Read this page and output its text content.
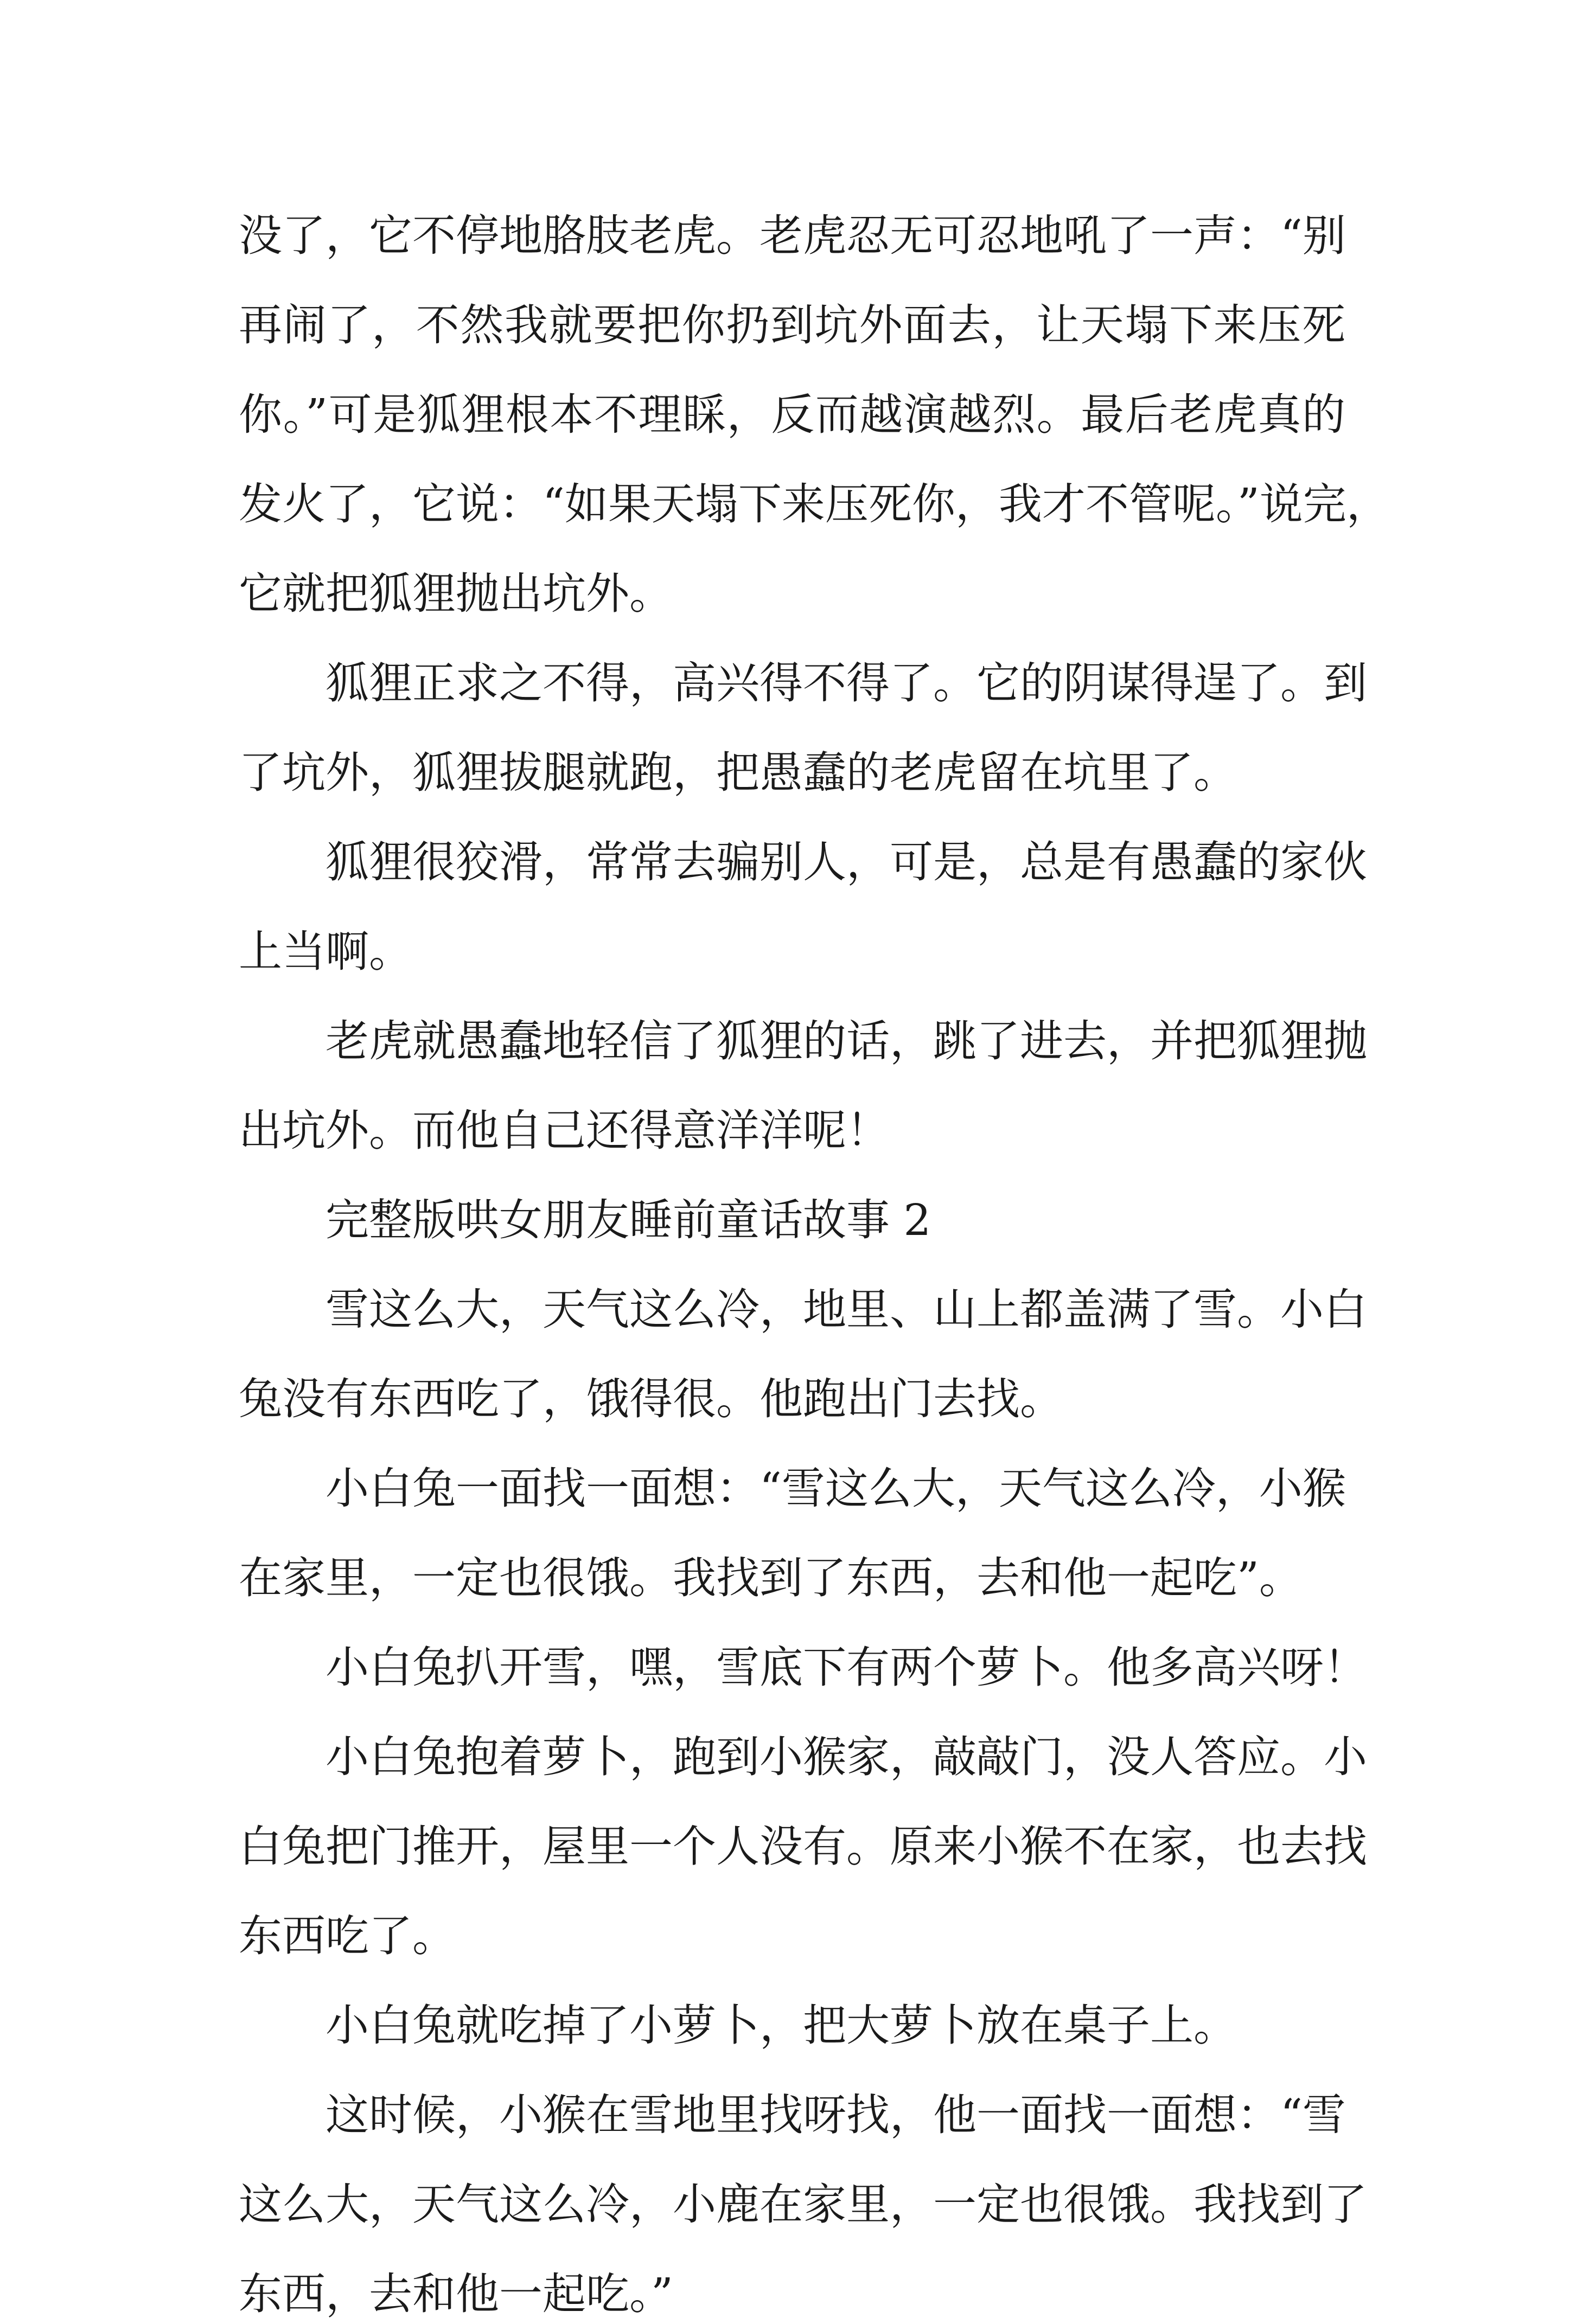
没了，它不停地胳肢老虎。老虎忍无可忍地吼了一声：“别
再闹了，不然我就要把你扔到坑外面去，让天塌下来压死
你。”可是狐狸根本不理睬，反而越演越烈。最后老虎真的
发火了，它说：“如果天塌下来压死你，我才不管呢。”说完，
它就把狐狸抛出坑外。
狐狸正求之不得，高兴得不得了。它的阴谋得逞了。到
了坑外，狐狸拔腿就跑，把愚蠢的老虎留在坑里了。
狐狸很狡滑，常常去骗别人，可是，总是有愚蠢的家伙
上当啊。
老虎就愚蠢地轻信了狐狸的话，跳了进去，并把狐狸抛
出坑外。而他自己还得意洋洋呢！
完整版哄女朋友睡前童话故事 2
雪这么大，天气这么冷，地里、山上都盖满了雪。小白
兔没有东西吃了，饿得很。他跑出门去找。
小白兔一面找一面想：“雪这么大，天气这么冷，小猴
在家里，一定也很饿。我找到了东西，去和他一起吃”。
小白兔扒开雪，嘿，雪底下有两个萝卜。他多高兴呀！
小白兔抱着萝卜，跑到小猴家，敲敲门，没人答应。小
白兔把门推开，屋里一个人没有。原来小猴不在家，也去找
东西吃了。
小白兔就吃掉了小萝卜，把大萝卜放在桌子上。
这时候，小猴在雪地里找呀找，他一面找一面想：“雪
这么大，天气这么冷，小鹿在家里，一定也很饿。我找到了
东西，去和他一起吃。”
